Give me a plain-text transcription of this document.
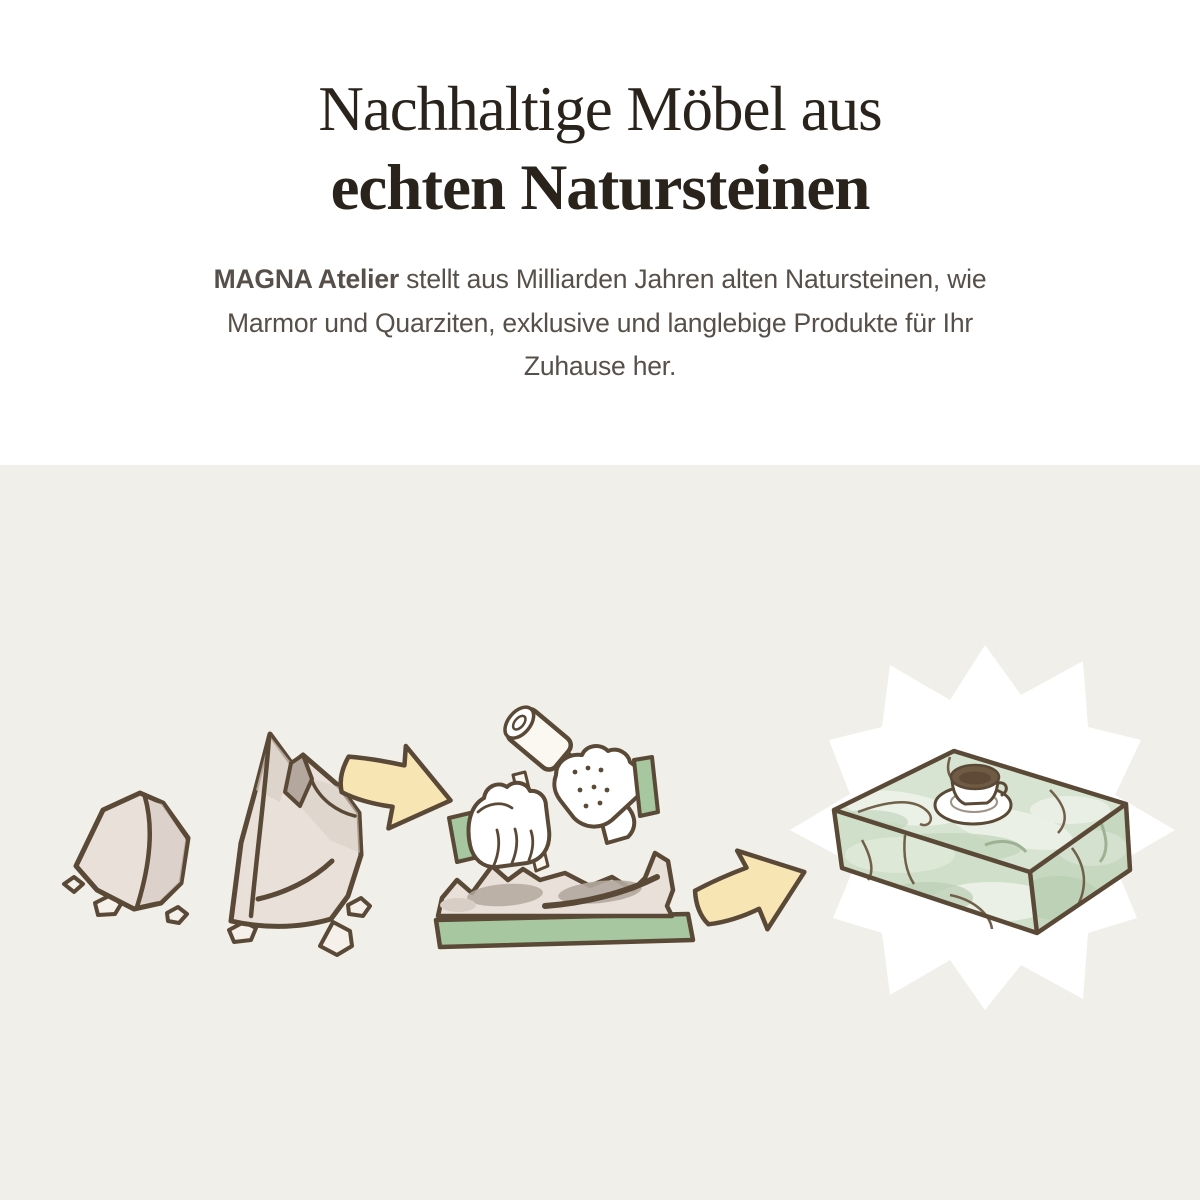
Nachhaltige Möbel aus
echten Natursteinen

MAGNA Atelier stellt aus Milliarden Jahren alten Natursteinen, wie
Marmor und Quarziten, exklusive und langlebige Produkte für Ihr
Zuhause her.
